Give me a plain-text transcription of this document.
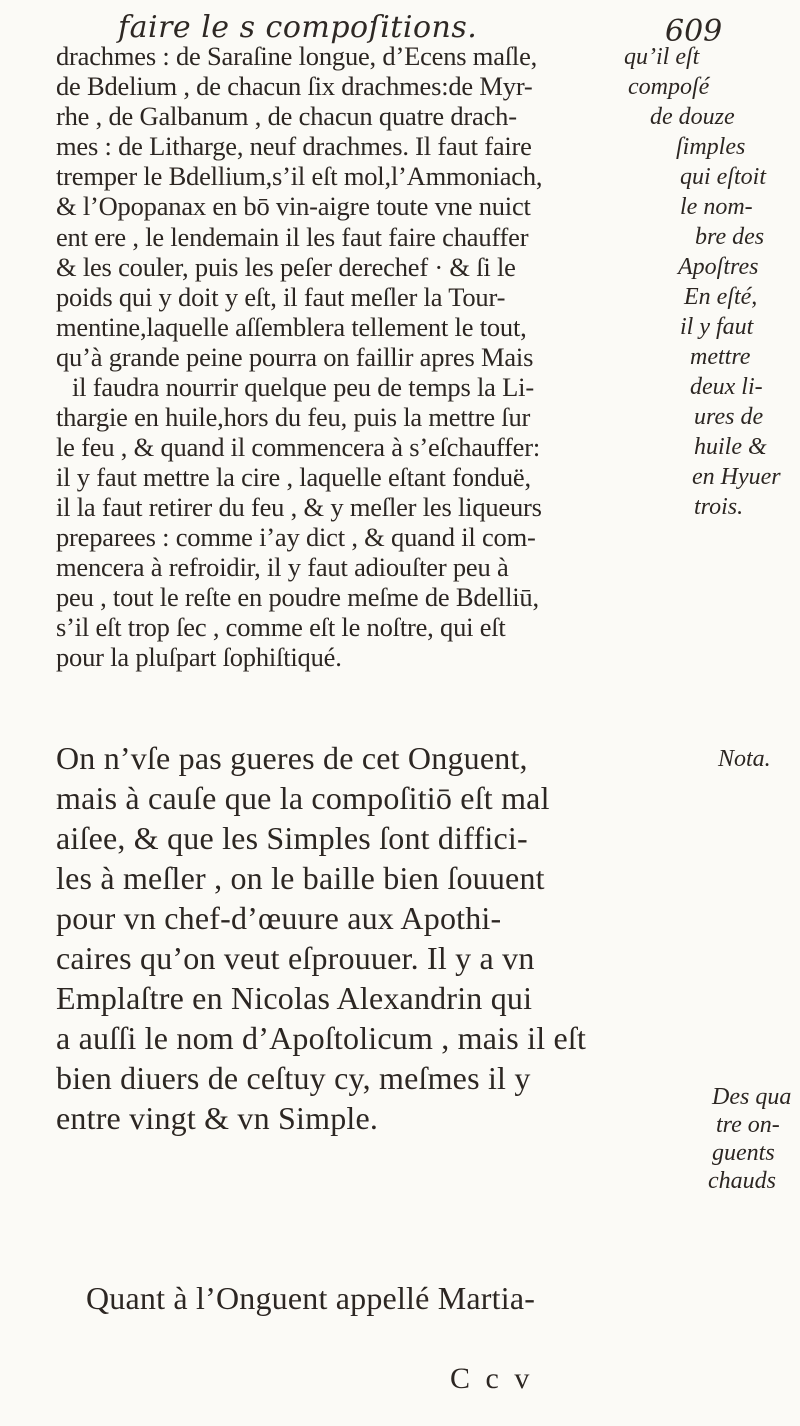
faire le s compoſitions.	609
drachmes : de Saraſine longue, d’Ecens maſle,
de Bdelium , de chacun ſix drachmes:de Myr-
rhe , de Galbanum , de chacun quatre drach-
mes : de Litharge, neuf drachmes. Il faut faire
tremper le Bdellium,s’il eſt mol,l’Ammoniach,
& l’Opopanax en bō vin-aigre toute vne nuict
ent ere , le lendemain il les faut faire chauffer
& les couler, puis les peſer derechef · & ſi le
poids qui y doit y eſt, il faut meſler la Tour-
mentine,laquelle aſſemblera tellement le tout,
qu’à grande peine pourra on faillir apres Mais
il faudra nourrir quelque peu de temps la Li-
thargie en huile,hors du feu, puis la mettre ſur
le feu , & quand il commencera à s’eſchauffer:
il y faut mettre la cire , laquelle eſtant fonduë,
il la faut retirer du feu , & y meſler les liqueurs
preparees : comme i’ay dict , & quand il com-
mencera à refroidir, il y faut adiouſter peu à
peu , tout le reſte en poudre meſme de Bdelliū,
s’il eſt trop ſec , comme eſt le noſtre, qui eſt
pour la pluſpart ſophiſtiqué.
qu’il eſt
compoſé
de douze
ſimples
qui eſtoit
le nom-
bre des
Apoſtres
En eſté,
il y faut
mettre
deux li-
ures de
huile &
en Hyuer
trois.
On n’vſe pas gueres de cet Onguent,
mais à cauſe que la compoſitiō eſt mal
aiſee, & que les Simples ſont diffici-
les à meſler , on le baille bien ſouuent
pour vn chef-d’œuure aux Apothi-
caires qu’on veut eſprouuer. Il y a vn
Emplaſtre en Nicolas Alexandrin qui
a auſſi le nom d’Apoſtolicum , mais il eſt
bien diuers de ceſtuy cy, meſmes il y
entre vingt & vn Simple.
Quant à l’Onguent appellé Martia-
Nota.
Des qua
tre on-
guents
chauds
C c v
